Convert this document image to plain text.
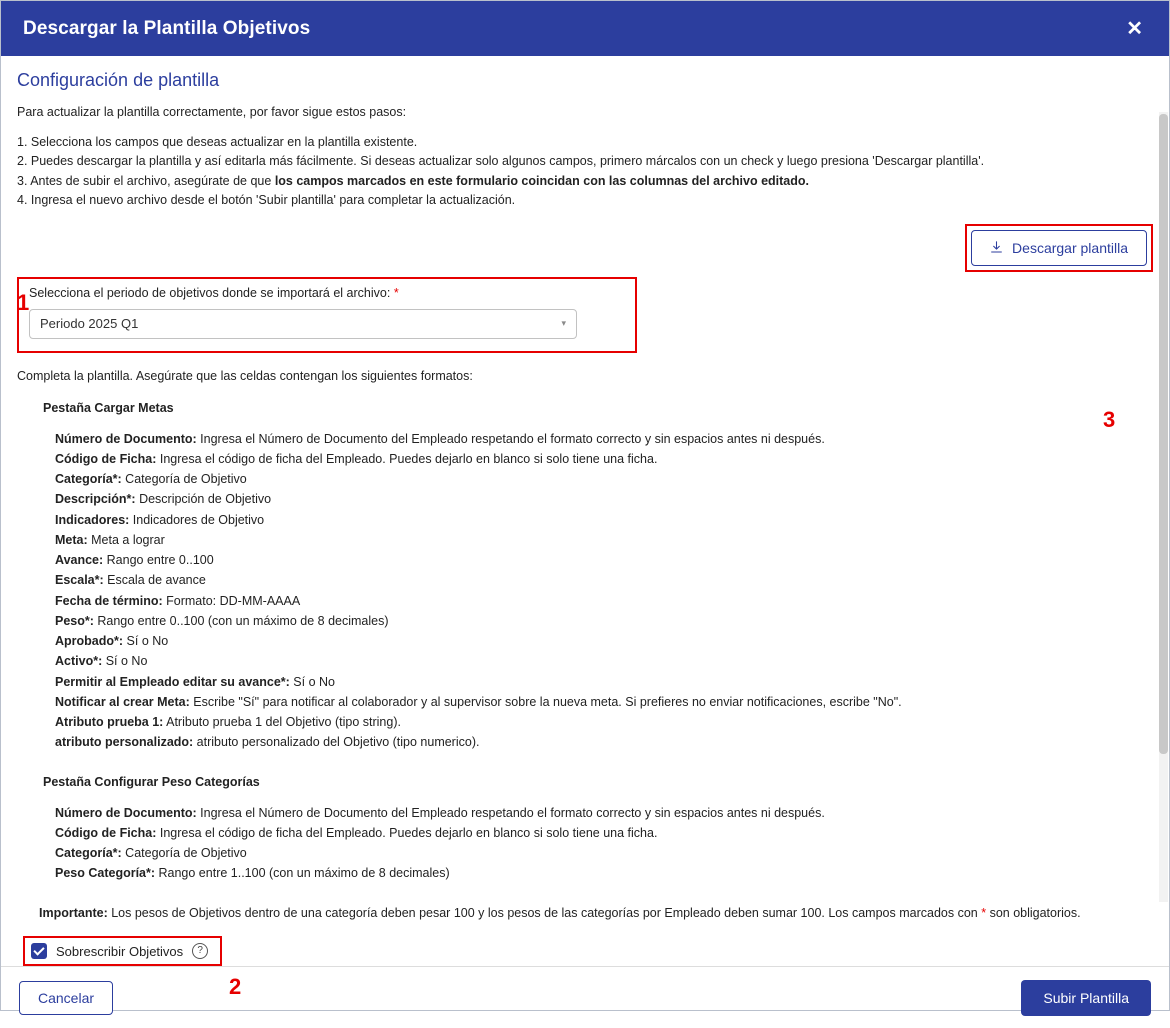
Descargar la Plantilla Objetivos	✕
Configuración de plantilla
Para actualizar la plantilla correctamente, por favor sigue estos pasos:
1. Selecciona los campos que deseas actualizar en la plantilla existente.
2. Puedes descargar la plantilla y así editarla más fácilmente. Si deseas actualizar solo algunos campos, primero márcalos con un check y luego presiona 'Descargar plantilla'.
3. Antes de subir el archivo, asegúrate de que los campos marcados en este formulario coincidan con las columnas del archivo editado.
4. Ingresa el nuevo archivo desde el botón 'Subir plantilla' para completar la actualización.
3
Descargar plantilla
1 Selecciona el periodo de objetivos donde se importará el archivo: *
Periodo 2025 Q1	▾
Completa la plantilla. Asegúrate que las celdas contengan los siguientes formatos:
Pestaña Cargar Metas
Número de Documento: Ingresa el Número de Documento del Empleado respetando el formato correcto y sin espacios antes ni después.
Código de Ficha: Ingresa el código de ficha del Empleado. Puedes dejarlo en blanco si solo tiene una ficha.
Categoría*: Categoría de Objetivo
Descripción*: Descripción de Objetivo
Indicadores: Indicadores de Objetivo
Meta: Meta a lograr
Avance: Rango entre 0..100
Escala*: Escala de avance
Fecha de término: Formato: DD-MM-AAAA
Peso*: Rango entre 0..100 (con un máximo de 8 decimales)
Aprobado*: Sí o No
Activo*: Sí o No
Permitir al Empleado editar su avance*: Sí o No
Notificar al crear Meta: Escribe "Sí" para notificar al colaborador y al supervisor sobre la nueva meta. Si prefieres no enviar notificaciones, escribe "No".
Atributo prueba 1: Atributo prueba 1 del Objetivo (tipo string).
atributo personalizado: atributo personalizado del Objetivo (tipo numerico).
Pestaña Configurar Peso Categorías
Número de Documento: Ingresa el Número de Documento del Empleado respetando el formato correcto y sin espacios antes ni después.
Código de Ficha: Ingresa el código de ficha del Empleado. Puedes dejarlo en blanco si solo tiene una ficha.
Categoría*: Categoría de Objetivo
Peso Categoría*: Rango entre 1..100 (con un máximo de 8 decimales)
Importante: Los pesos de Objetivos dentro de una categoría deben pesar 100 y los pesos de las categorías por Empleado deben sumar 100. Los campos marcados con * son obligatorios.
2
Sobrescribir Objetivos	?
Cancelar	Subir Plantilla
